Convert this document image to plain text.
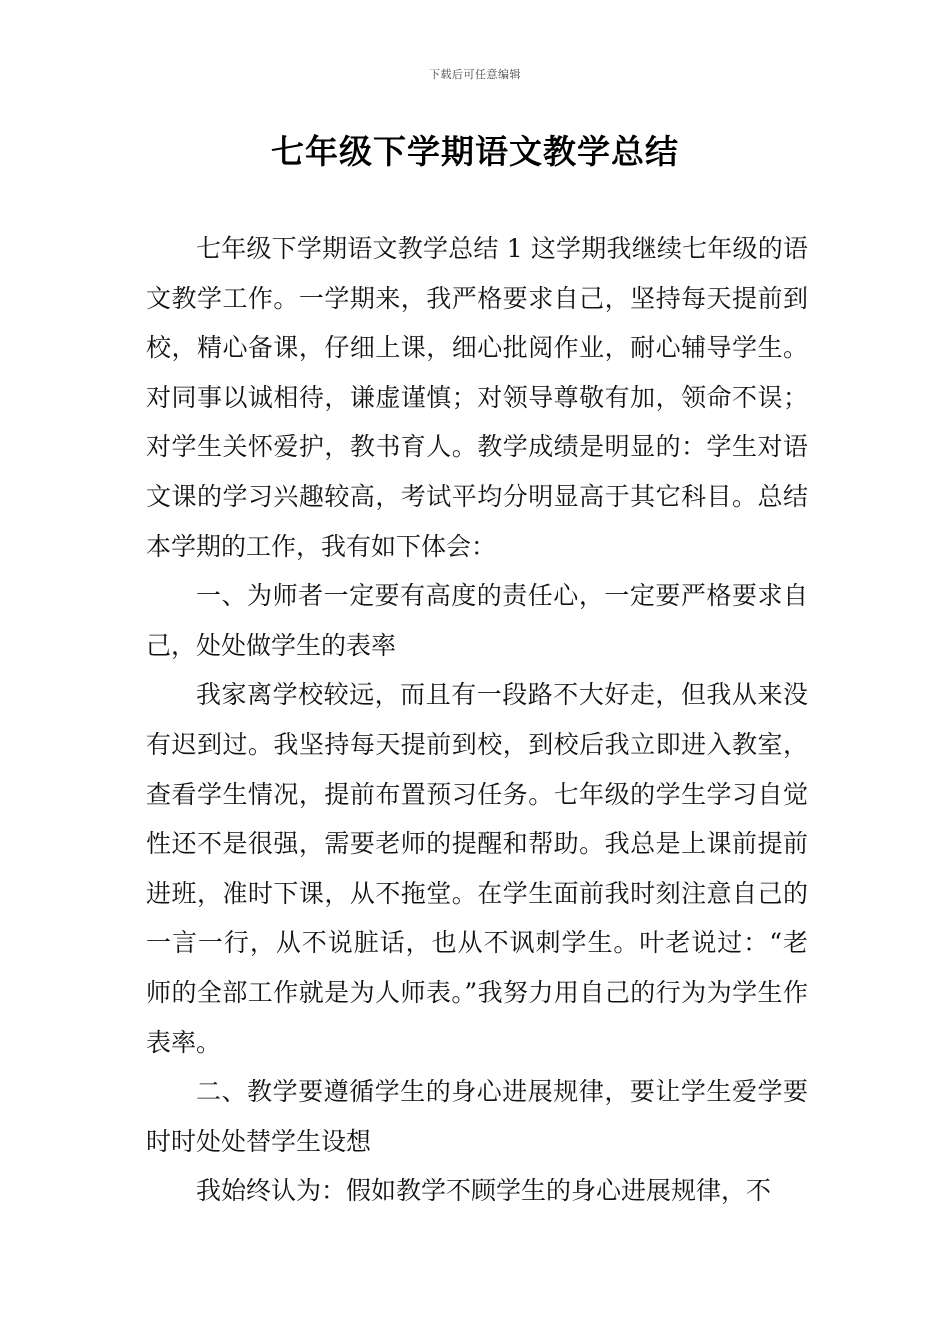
下载后可任意编辑
七年级下学期语文教学总结

七年级下学期语文教学总结 1 这学期我继续七年级的语文教学工作。一学期来，我严格要求自己，坚持每天提前到校，精心备课，仔细上课，细心批阅作业，耐心辅导学生。对同事以诚相待，谦虚谨慎；对领导尊敬有加，领命不误；对学生关怀爱护，教书育人。教学成绩是明显的：学生对语文课的学习兴趣较高，考试平均分明显高于其它科目。总结本学期的工作，我有如下体会：

一、为师者一定要有高度的责任心，一定要严格要求自己，处处做学生的表率

我家离学校较远，而且有一段路不大好走，但我从来没有迟到过。我坚持每天提前到校，到校后我立即进入教室，查看学生情况，提前布置预习任务。七年级的学生学习自觉性还不是很强，需要老师的提醒和帮助。我总是上课前提前进班，准时下课，从不拖堂。在学生面前我时刻注意自己的一言一行，从不说脏话，也从不讽刺学生。叶老说过：“老师的全部工作就是为人师表。”我努力用自己的行为为学生作表率。

二、教学要遵循学生的身心进展规律，要让学生爱学要时时处处替学生设想

我始终认为：假如教学不顾学生的身心进展规律，不
